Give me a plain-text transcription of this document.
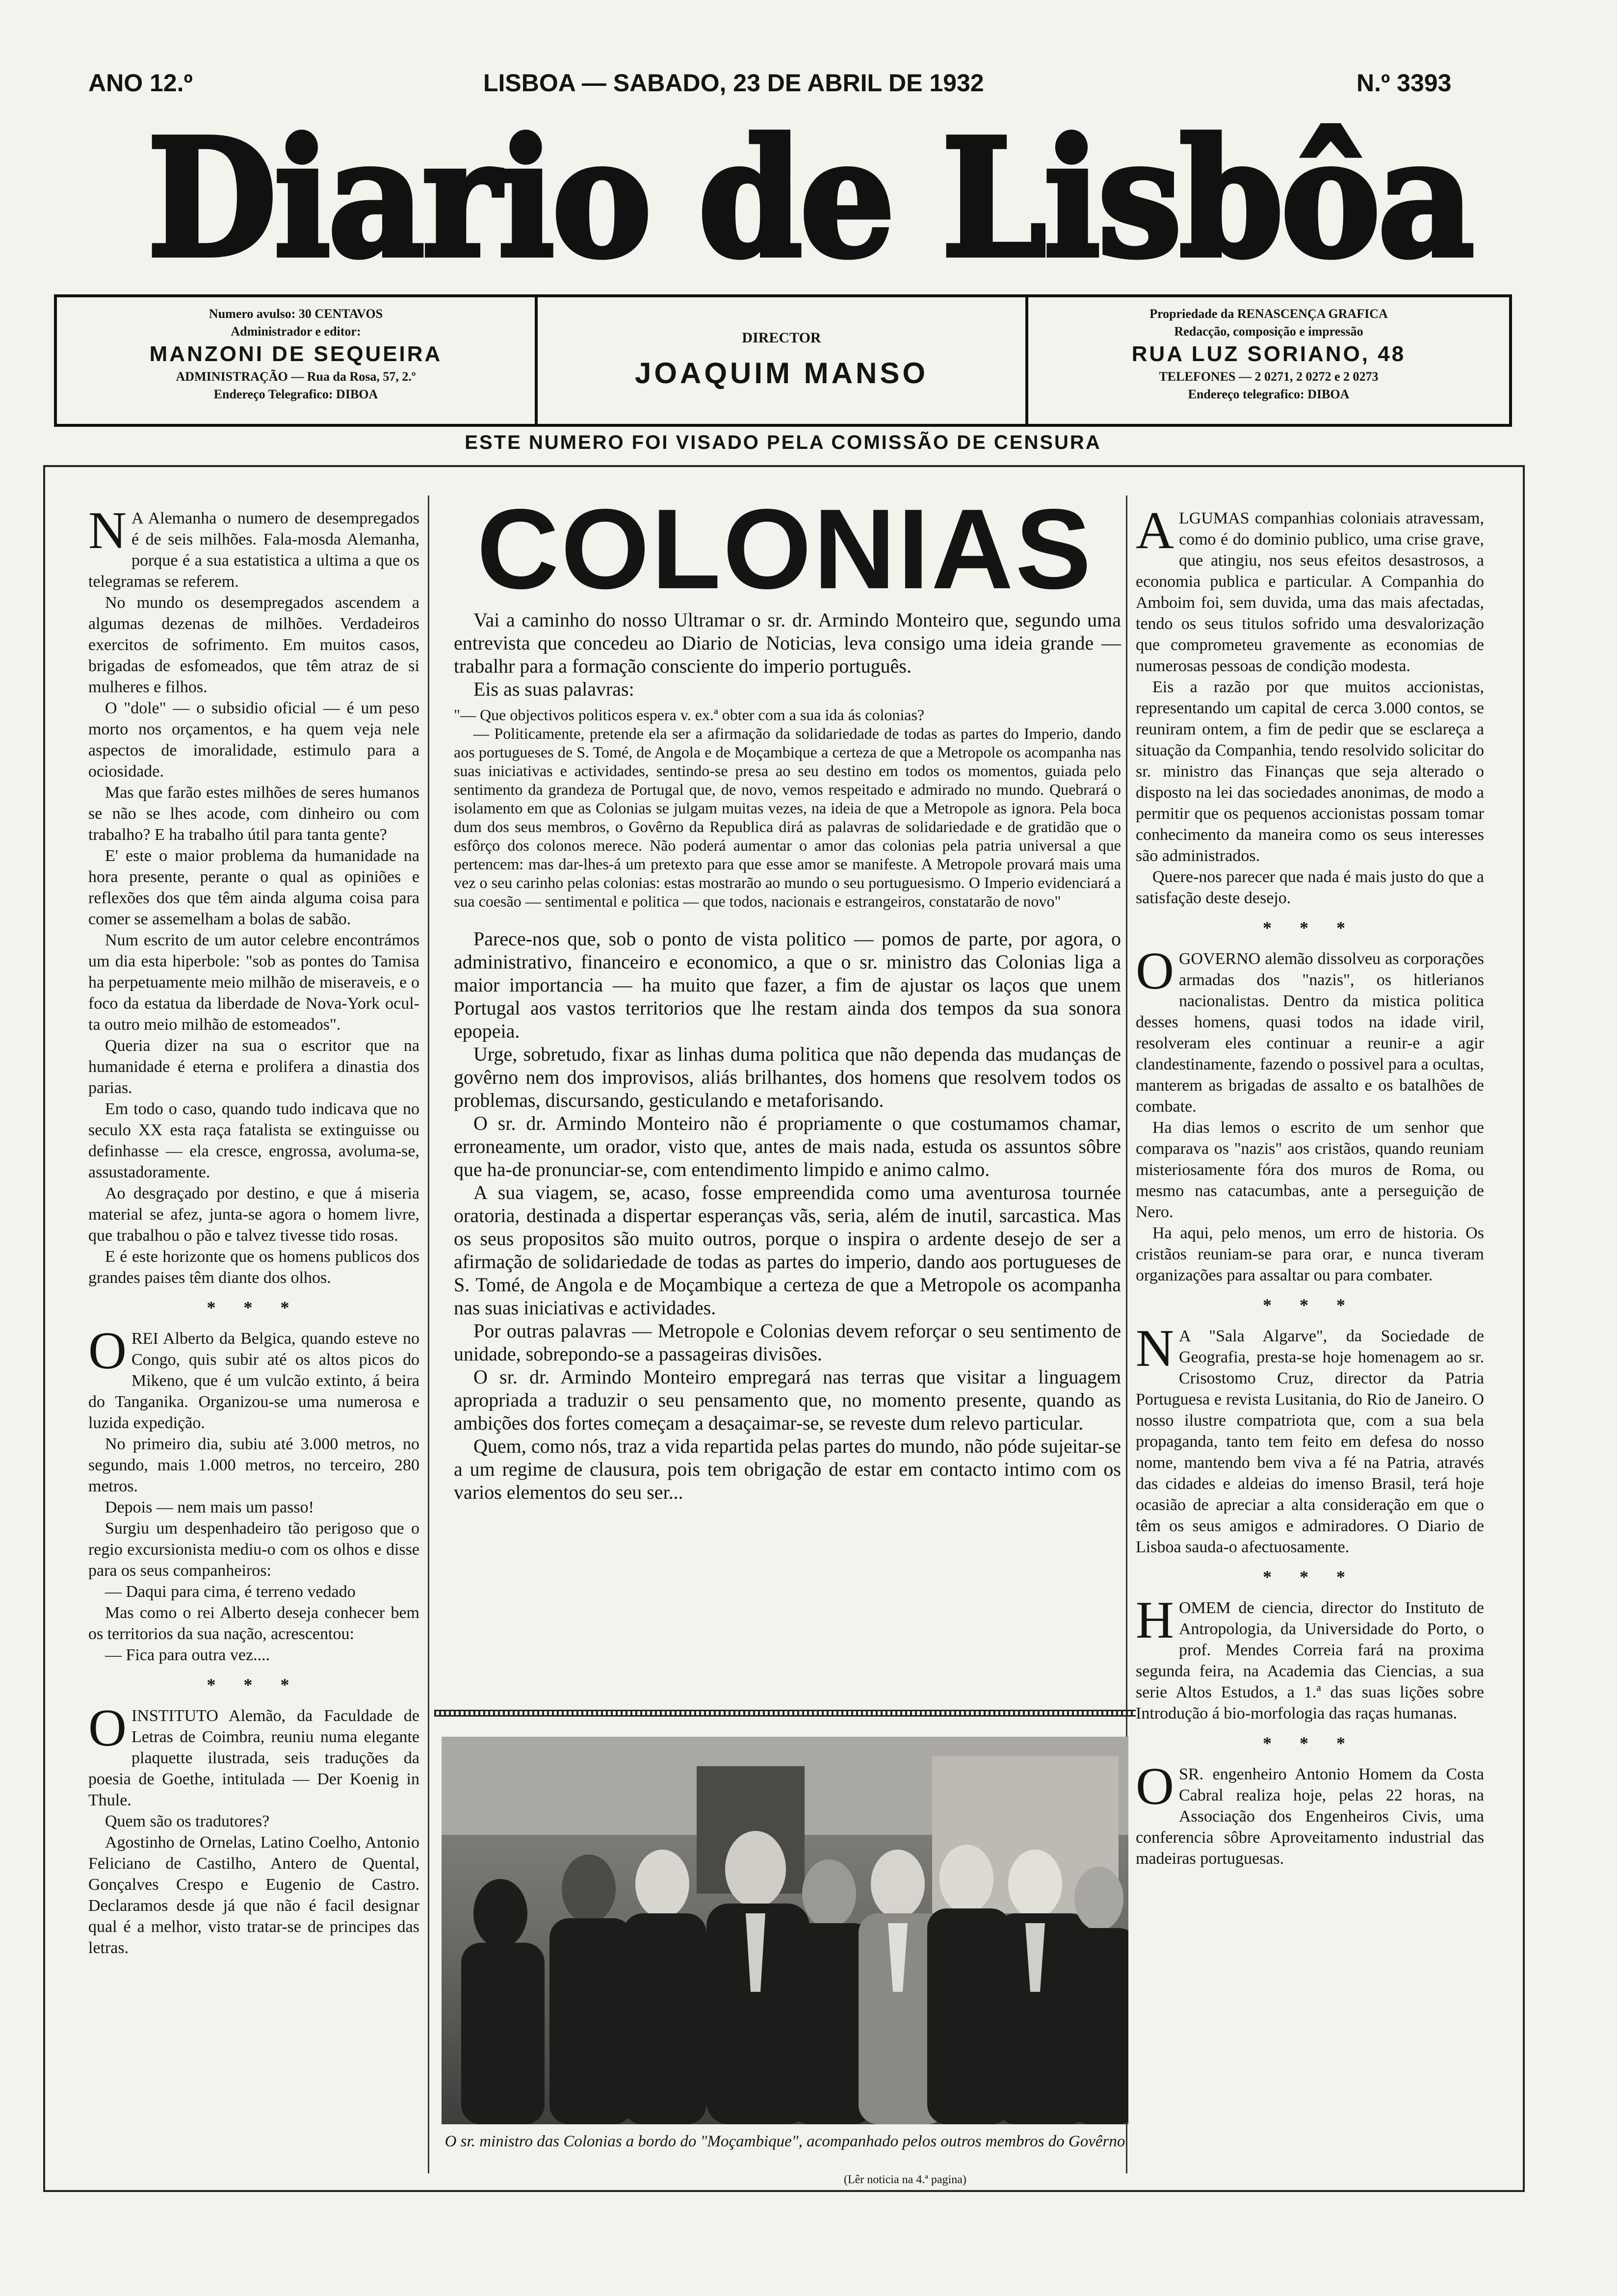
ANO 12.º	LISBOA — SABADO, 23 DE ABRIL DE 1932	N.º 3393
Diario de Lisbôa
Numero avulso: 30 CENTAVOS
Administrador e editor:
MANZONI DE SEQUEIRA
ADMINISTRAÇÃO — Rua da Rosa, 57, 2.º
Endereço Telegrafico: DIBOA
DIRECTOR
JOAQUIM MANSO
Propriedade da RENASCENÇA GRAFICA
Redacção, composição e impressão
RUA LUZ SORIANO, 48
TELEFONES — 2 0271, 2 0272 e 2 0273
Endereço telegrafico: DIBOA
ESTE NUMERO FOI VISADO PELA COMISSÃO DE CENSURA
N A Alemanha o numero de desempregados é de seis milhões. Fala-mosda Alemanha, porque é a sua estatistica a ultima a que os telegramas se referem.

No mundo os desempregados ascendem a algumas dezenas de milhões. Verdadeiros exercitos de sofrimento. Em muitos casos, brigadas de esfomeados, que têm atraz de si mulheres e filhos.

O "dole" — o subsidio oficial — é um peso morto nos orçamentos, e ha quem veja nele aspectos de imoralidade, estimulo para a ociosidade.

Mas que farão estes milhões de seres humanos se não se lhes acode, com dinheiro ou com trabalho? E ha trabalho útil para tanta gente?

E' este o maior problema da humanidade na hora presente, perante o qual as opiniões e reflexões dos que têm ainda alguma coisa para comer se assemelham a bolas de sabão.

Num escrito de um autor celebre encontrámos um dia esta hiperbole: "sob as pontes do Tamisa ha perpetuamente meio milhão de miseraveis, e o foco da estatua da liberdade de Nova-York ocul-ta outro meio milhão de estomeados".

Queria dizer na sua o escritor que na humanidade é eterna e prolifera a dinastia dos parias.

Em todo o caso, quando tudo indicava que no seculo XX esta raça fatalista se extinguisse ou definhasse — ela cresce, engrossa, avoluma-se, assustadoramente.

Ao desgraçado por destino, e que á miseria material se afez, junta-se agora o homem livre, que trabalhou o pão e talvez tivesse tido rosas.

E é este horizonte que os homens publicos dos grandes paises têm diante dos olhos.

* * *
O REI Alberto da Belgica, quando esteve no Congo, quis subir até os altos picos do Mikeno, que é um vulcão extinto, á beira do Tanganika. Organizou-se uma numerosa e luzida expedição.

No primeiro dia, subiu até 3.000 metros, no segundo, mais 1.000 metros, no terceiro, 280 metros.

Depois — nem mais um passo!

Surgiu um despenhadeiro tão perigoso que o regio excursionista mediu-o com os olhos e disse para os seus companheiros:

— Daqui para cima, é terreno vedado

Mas como o rei Alberto deseja conhecer bem os territorios da sua nação, acrescentou:

— Fica para outra vez....

* * *
O INSTITUTO Alemão, da Faculdade de Letras de Coimbra, reuniu numa elegante plaquette ilustrada, seis traduções da poesia de Goethe, intitulada — Der Koenig in Thule.

Quem são os tradutores?

Agostinho de Ornelas, Latino Coelho, Antonio Feliciano de Castilho, Antero de Quental, Gonçalves Crespo e Eugenio de Castro. Declaramos desde já que não é facil designar qual é a melhor, visto tratar-se de principes das letras.

COLONIAS

Vai a caminho do nosso Ultramar o sr. dr. Armindo Monteiro que, segundo uma entrevista que concedeu ao Diario de Noticias, leva consigo uma ideia grande — trabalhr para a formação consciente do imperio português.

Eis as suas palavras:

"— Que objectivos politicos espera v. ex.ª obter com a sua ida ás colonias?

— Politicamente, pretende ela ser a afirmação da solidariedade de todas as partes do Imperio, dando aos portugueses de S. Tomé, de Angola e de Moçambique a certeza de que a Metropole os acompanha nas suas iniciativas e actividades, sentindo-se presa ao seu destino em todos os momentos, guiada pelo sentimento da grandeza de Portugal que, de novo, vemos respeitado e admirado no mundo. Quebrará o isolamento em que as Colonias se julgam muitas vezes, na ideia de que a Metropole as ignora. Pela boca dum dos seus membros, o Govêrno da Republica dirá as palavras de solidariedade e de gratidão que o esfôrço dos colonos merece. Não poderá aumentar o amor das colonias pela patria universal a que pertencem: mas dar-lhes-á um pretexto para que esse amor se manifeste. A Metropole provará mais uma vez o seu carinho pelas colonias: estas mostrarão ao mundo o seu portuguesismo. O Imperio evidenciará a sua coesão — sentimental e politica — que todos, nacionais e estrangeiros, constatarão de novo"

Parece-nos que, sob o ponto de vista politico — pomos de parte, por agora, o administrativo, financeiro e economico, a que o sr. ministro das Colonias liga a maior importancia — ha muito que fazer, a fim de ajustar os laços que unem Portugal aos vastos territorios que lhe restam ainda dos tempos da sua sonora epopeia.

Urge, sobretudo, fixar as linhas duma politica que não dependa das mudanças de govêrno nem dos improvisos, aliás brilhantes, dos homens que resolvem todos os problemas, discursando, gesticulando e metaforisando.

O sr. dr. Armindo Monteiro não é propriamente o que costumamos chamar, erroneamente, um orador, visto que, antes de mais nada, estuda os assuntos sôbre que ha-de pronunciar-se, com entendimento limpido e animo calmo.

A sua viagem, se, acaso, fosse empreendida como uma aventurosa tournée oratoria, destinada a dispertar esperanças vãs, seria, além de inutil, sarcastica. Mas os seus propositos são muito outros, porque o inspira o ardente desejo de ser a afirmação de solidariedade de todas as partes do imperio, dando aos portugueses de S. Tomé, de Angola e de Moçambique a certeza de que a Metropole os acompanha nas suas iniciativas e actividades.

Por outras palavras — Metropole e Colonias devem reforçar o seu sentimento de unidade, sobrepondo-se a passageiras divisões.

O sr. dr. Armindo Monteiro empregará nas terras que visitar a linguagem apropriada a traduzir o seu pensamento que, no momento presente, quando as ambições dos fortes começam a desaçaimar-se, se reveste dum relevo particular.

Quem, como nós, traz a vida repartida pelas partes do mundo, não póde sujeitar-se a um regime de clausura, pois tem obrigação de estar em contacto intimo com os varios elementos do seu ser...

O sr. ministro das Colonias a bordo do "Moçambique", acompanhado pelos outros membros do Govêrno
(Lêr noticia na 4.ª pagina)
A LGUMAS companhias coloniais atravessam, como é do dominio publico, uma crise grave, que atingiu, nos seus efeitos desastrosos, a economia publica e particular. A Companhia do Amboim foi, sem duvida, uma das mais afectadas, tendo os seus titulos sofrido uma desvalorização que comprometeu gravemente as economias de numerosas pessoas de condição modesta.

Eis a razão por que muitos accionistas, representando um capital de cerca 3.000 contos, se reuniram ontem, a fim de pedir que se esclareça a situação da Companhia, tendo resolvido solicitar do sr. ministro das Finanças que seja alterado o disposto na lei das sociedades anonimas, de modo a permitir que os pequenos accionistas possam tomar conhecimento da maneira como os seus interesses são administrados.

Quere-nos parecer que nada é mais justo do que a satisfação deste desejo.

* * *
O GOVERNO alemão dissolveu as corporações armadas dos "nazis", os hitlerianos nacionalistas. Dentro da mistica politica desses homens, quasi todos na idade viril, resolveram eles continuar a reunir-e a agir clandestinamente, fazendo o possivel para a ocultas, manterem as brigadas de assalto e os batalhões de combate.

Ha dias lemos o escrito de um senhor que comparava os "nazis" aos cristãos, quando reuniam misteriosamente fóra dos muros de Roma, ou mesmo nas catacumbas, ante a perseguição de Nero.

Ha aqui, pelo menos, um erro de historia. Os cristãos reuniam-se para orar, e nunca tiveram organizações para assaltar ou para combater.

* * *
N A "Sala Algarve", da Sociedade de Geografia, presta-se hoje homenagem ao sr. Crisostomo Cruz, director da Patria Portuguesa e revista Lusitania, do Rio de Janeiro. O nosso ilustre compatriota que, com a sua bela propaganda, tanto tem feito em defesa do nosso nome, mantendo bem viva a fé na Patria, através das cidades e aldeias do imenso Brasil, terá hoje ocasião de apreciar a alta consideração em que o têm os seus amigos e admiradores. O Diario de Lisboa sauda-o afectuosamente.

* * *
H OMEM de ciencia, director do Instituto de Antropologia, da Universidade do Porto, o prof. Mendes Correia fará na proxima segunda feira, na Academia das Ciencias, a sua serie Altos Estudos, a 1.ª das suas lições sobre Introdução á bio-morfologia das raças humanas.

* * *
O SR. engenheiro Antonio Homem da Costa Cabral realiza hoje, pelas 22 horas, na Associação dos Engenheiros Civis, uma conferencia sôbre Aproveitamento industrial das madeiras portuguesas.
